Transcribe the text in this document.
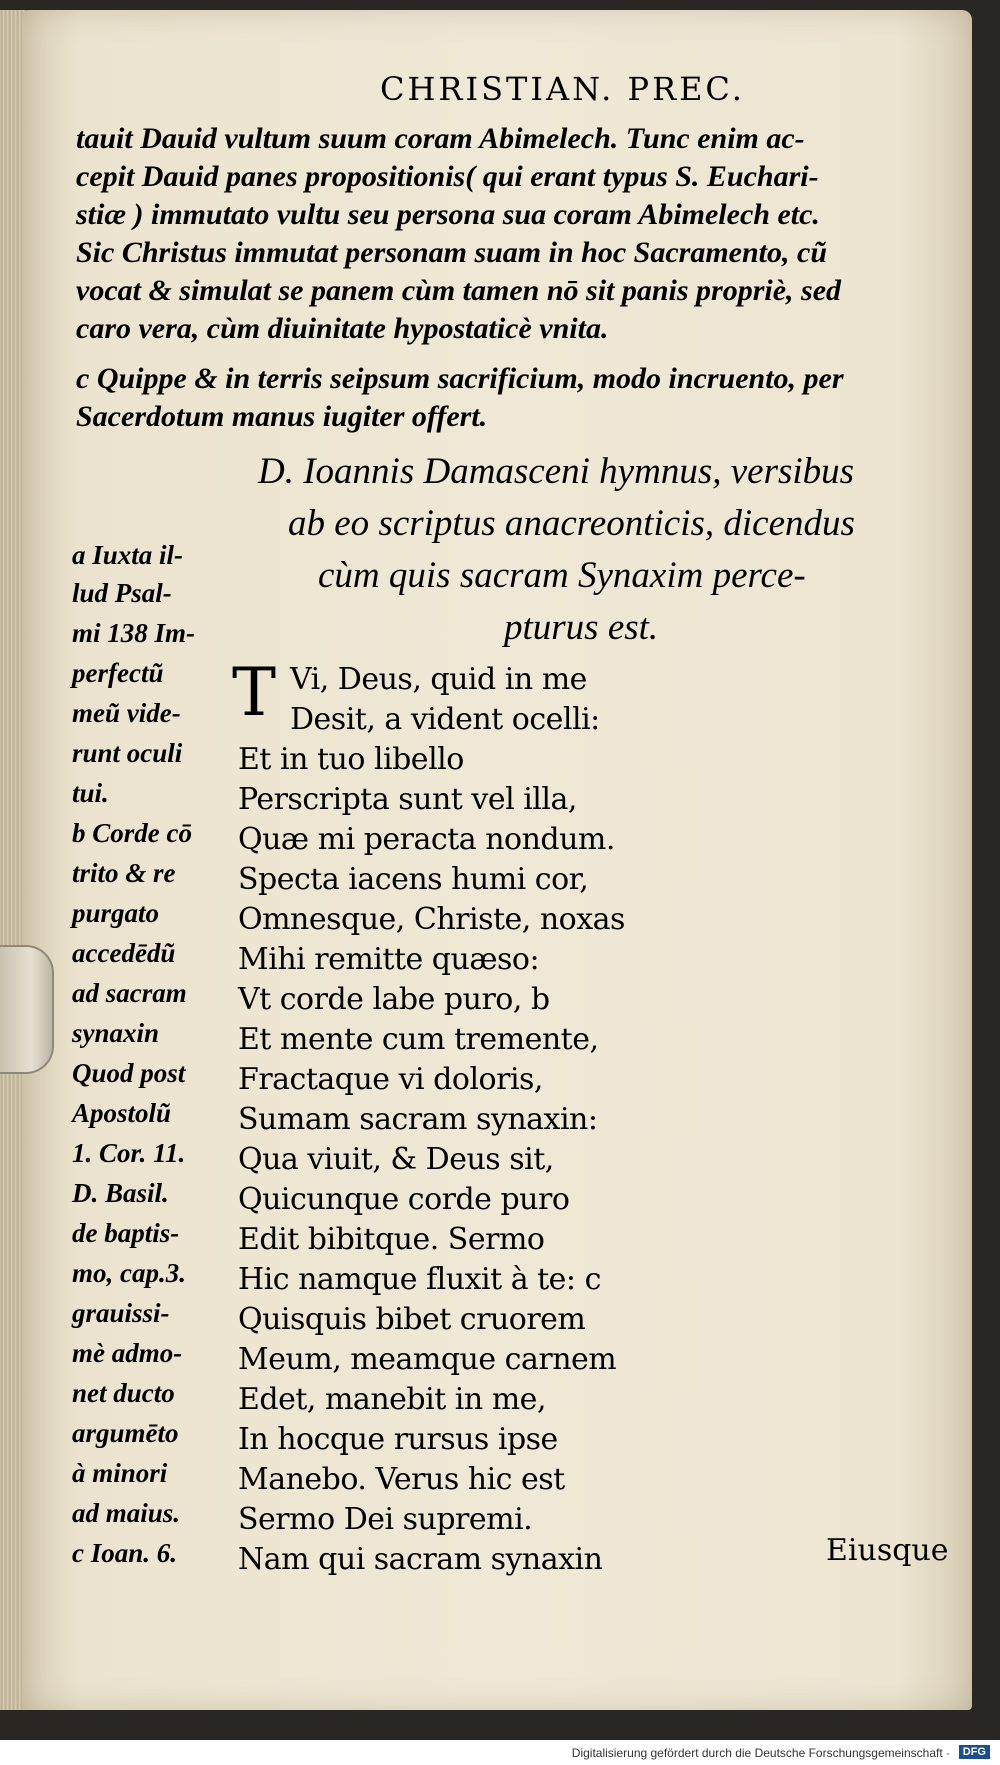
CHRISTIAN. PREC.
tauit Dauid vultum suum coram Abimelech. Tunc enim ac-
cepit Dauid panes propositionis( qui erant typus S. Euchari-
stiæ ) immutato vultu seu persona sua coram Abimelech etc.
Sic Christus immutat personam suam in hoc Sacramento, cũ
vocat & simulat se panem cùm tamen nō sit panis propriè, sed
caro vera, cùm diuinitate hypostaticè vnita.
c Quippe & in terris seipsum sacrificium, modo incruento, per
Sacerdotum manus iugiter offert.
D. Ioannis Damasceni hymnus, versibus
ab eo scriptus anacreonticis, dicendus
cùm quis sacram Synaxim perce-
pturus est.
a Iuxta il-
lud Psal-
mi 138 Im-
perfectũ
meũ vide-
runt oculi
tui.
b Corde cō
trito & re
purgato
accedēdũ
ad sacram
synaxin
Quod post
Apostolũ
1. Cor. 11.
D. Basil.
de baptis-
mo, cap.3.
grauissi-
mè admo-
net ducto
argumēto
à minori
ad maius.
c Ioan. 6.
T Vi, Deus, quid in me
Desit, a vident ocelli:
Et in tuo libello
Perscripta sunt vel illa,
Quæ mi peracta nondum.
Specta iacens humi cor,
Omnesque, Christe, noxas
Mihi remitte quæso:
Vt corde labe puro, b
Et mente cum tremente,
Fractaque vi doloris,
Sumam sacram synaxin:
Qua viuit, & Deus sit,
Quicunque corde puro
Edit bibitque. Sermo
Hic namque fluxit à te: c
Quisquis bibet cruorem
Meum, meamque carnem
Edet, manebit in me,
In hocque rursus ipse
Manebo. Verus hic est
Sermo Dei supremi.
Nam qui sacram synaxin	Eiusque
Digitalisierung gefördert durch die Deutsche Forschungsgemeinschaft ·	DFG
